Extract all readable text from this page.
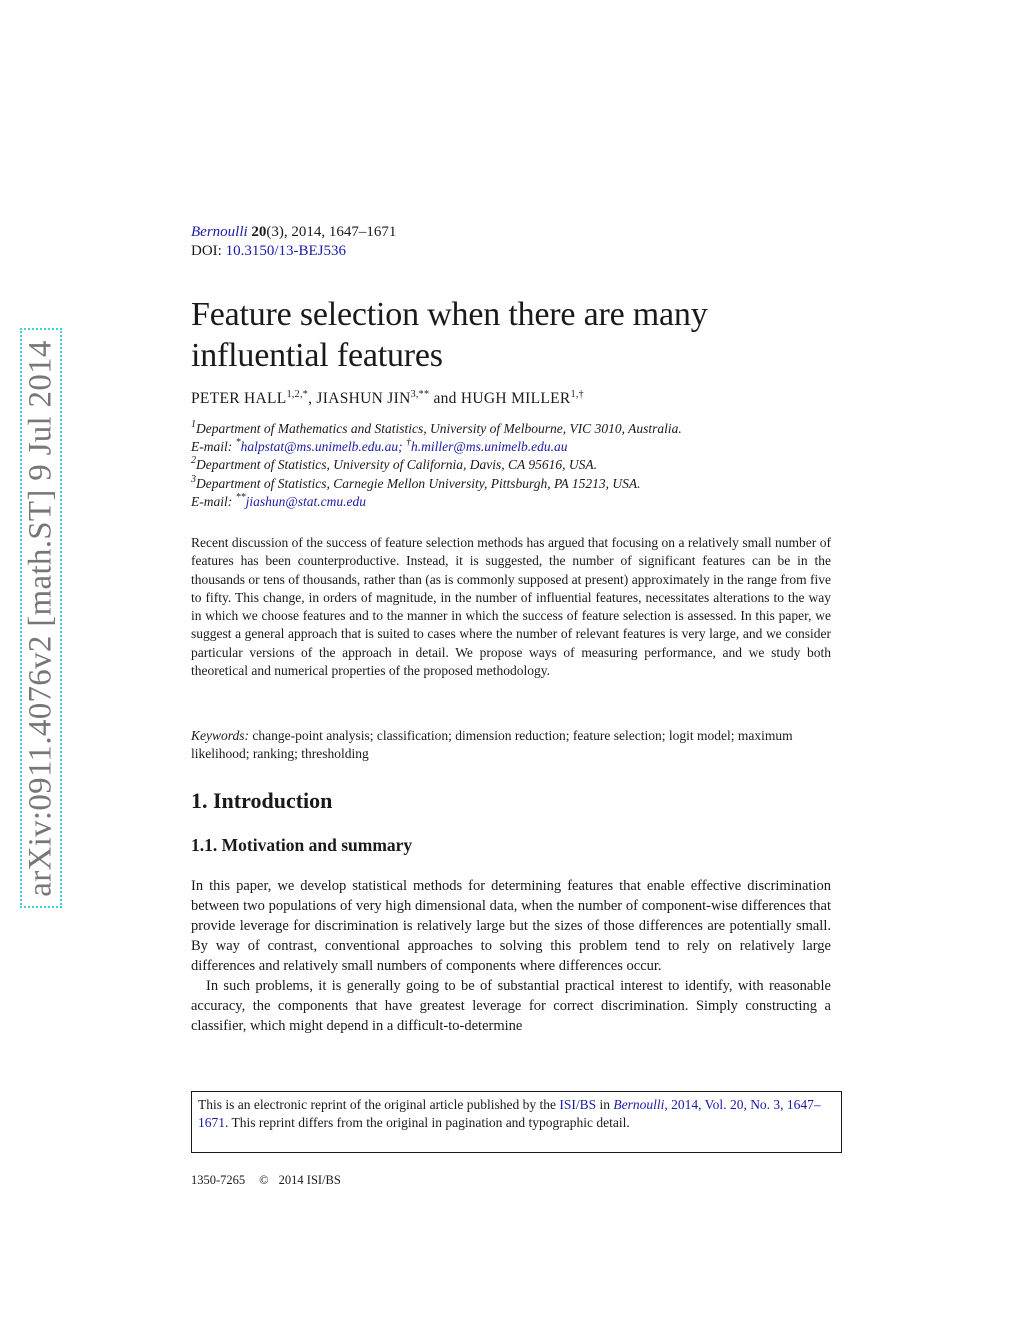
arXiv:0911.4076v2 [math.ST] 9 Jul 2014
Bernoulli 20(3), 2014, 1647–1671
DOI: 10.3150/13-BEJ536
Feature selection when there are many
influential features
PETER $HALL^{1,2,*}$, JIASHUN $JIN^{3,**}$ and HUGH $MILLER^{1,\dagger}$
$^1$Department of Mathematics and Statistics, University of Melbourne, VIC 3010, Australia.
E-mail: *halpstat@ms.unimelb.edu.au; †h.miller@ms.unimelb.edu.au
$^2$Department of Statistics, University of California, Davis, CA 95616, USA.
$^3$Department of Statistics, Carnegie Mellon University, Pittsburgh, PA 15213, USA.
E-mail: **jiashun@stat.cmu.edu

Recent discussion of the success of feature selection methods has argued that focusing on a relatively small number of features has been counterproductive. Instead, it is suggested, the number of significant features can be in the thousands or tens of thousands, rather than (as is commonly supposed at present) approximately in the range from five to fifty. This change, in orders of magnitude, in the number of influential features, necessitates alterations to the way in which we choose features and to the manner in which the success of feature selection is assessed. In this paper, we suggest a general approach that is suited to cases where the number of relevant features is very large, and we consider particular versions of the approach in detail. We propose ways of measuring performance, and we study both theoretical and numerical properties of the proposed methodology.

Keywords: change-point analysis; classification; dimension reduction; feature selection; logit model; maximum likelihood; ranking; thresholding

1. Introduction
1.1. Motivation and summary

In this paper, we develop statistical methods for determining features that enable effective discrimination between two populations of very high dimensional data, when the number of component-wise differences that provide leverage for discrimination is relatively large but the sizes of those differences are potentially small. By way of contrast, conventional approaches to solving this problem tend to rely on relatively large differences and relatively small numbers of components where differences occur.

In such problems, it is generally going to be of substantial practical interest to identify, with reasonable accuracy, the components that have greatest leverage for correct discrimination. Simply constructing a classifier, which might depend in a difficult-to-determine

This is an electronic reprint of the original article published by the ISI/BS in Bernoulli, 2014, Vol. 20, No. 3, 1647–1671. This reprint differs from the original in pagination and typographic detail.
1350-7265 © 2014 ISI/BS
